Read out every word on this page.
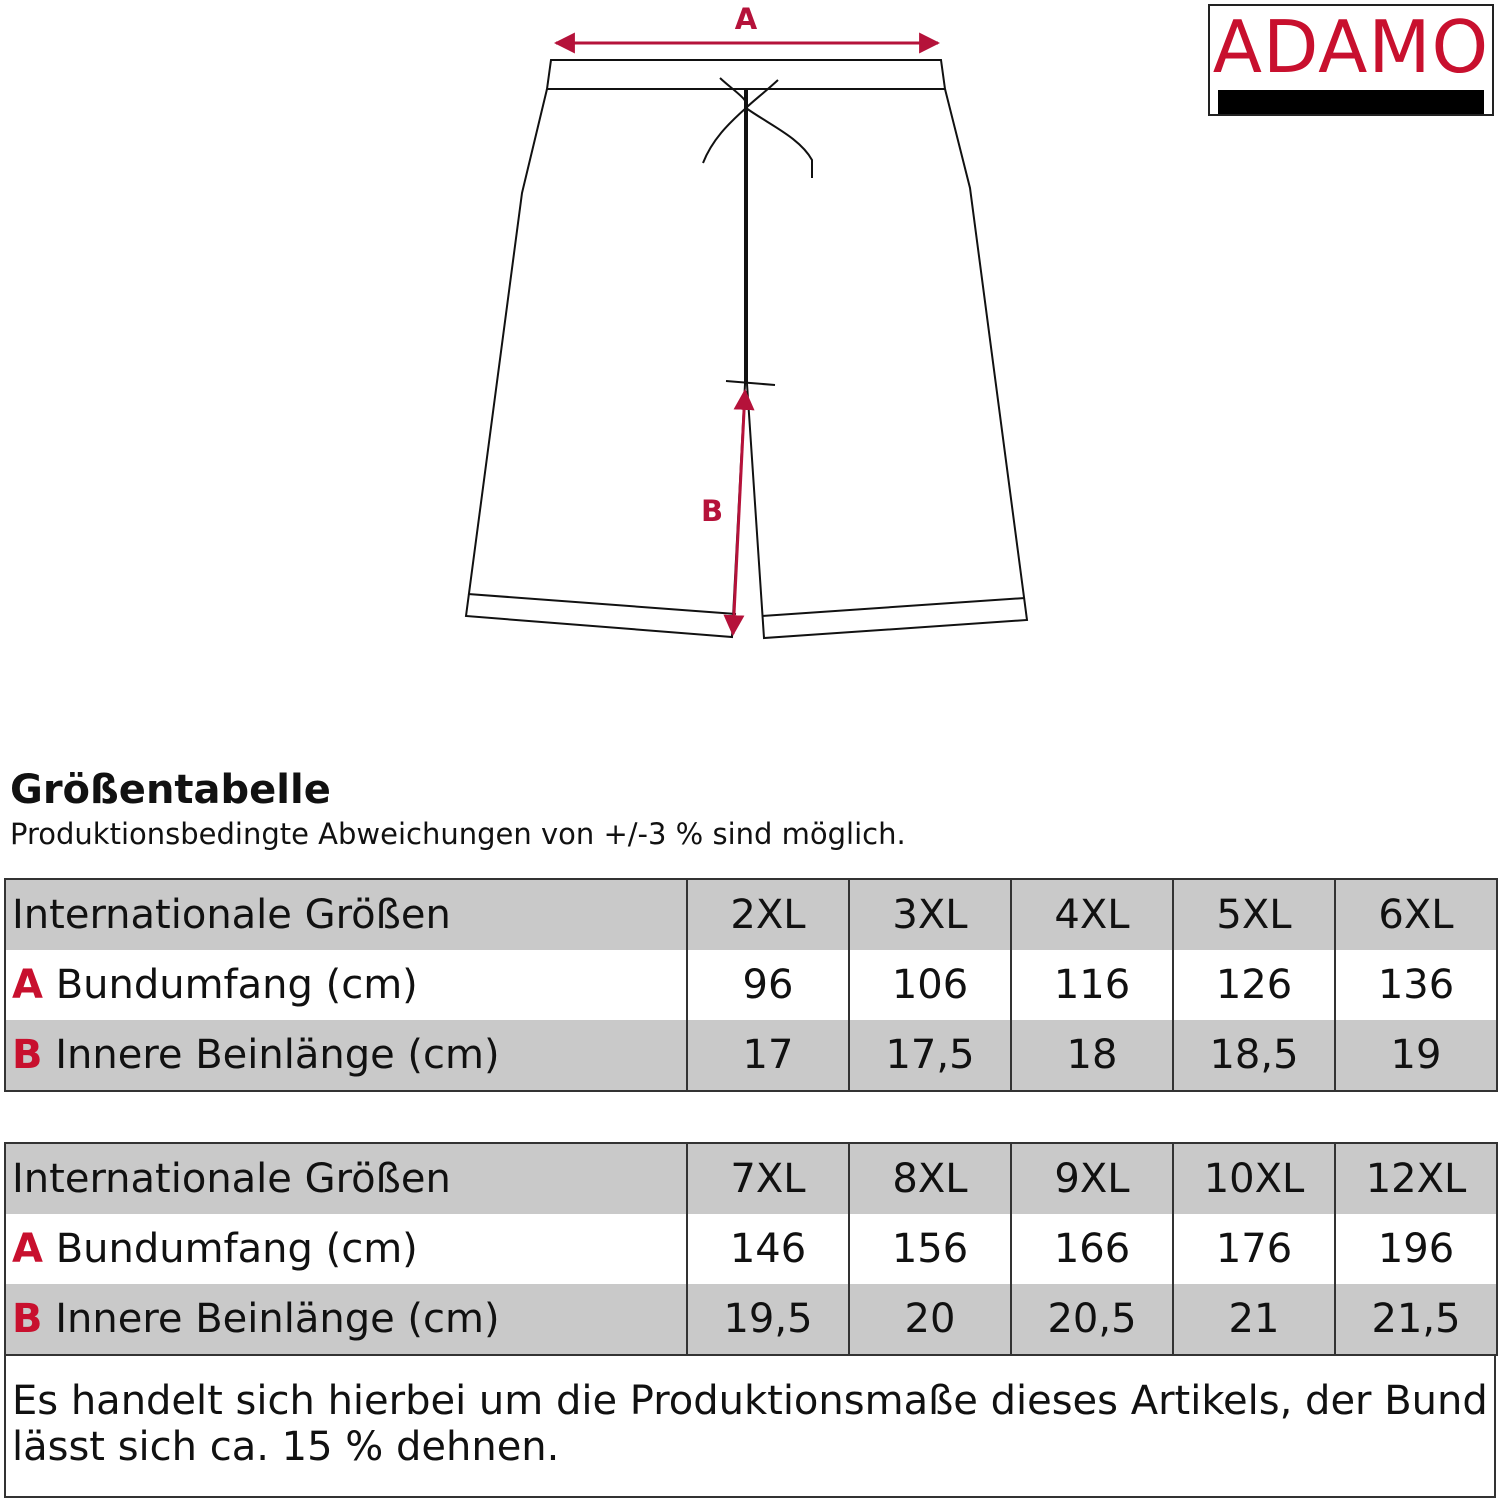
A
B
ADAMO
Größentabelle
Produktionsbedingte Abweichungen von +/-3 % sind möglich.
Internationale Größen	2XL	3XL	4XL	5XL	6XL
A Bundumfang (cm)	96	106	116	126	136
B Innere Beinlänge (cm)	17	17,5	18	18,5	19
Internationale Größen	7XL	8XL	9XL	10XL	12XL
A Bundumfang (cm)	146	156	166	176	196
B Innere Beinlänge (cm)	19,5	20	20,5	21	21,5
Es handelt sich hierbei um die Produktionsmaße dieses Artikels, der Bund lässt sich ca. 15 % dehnen.
